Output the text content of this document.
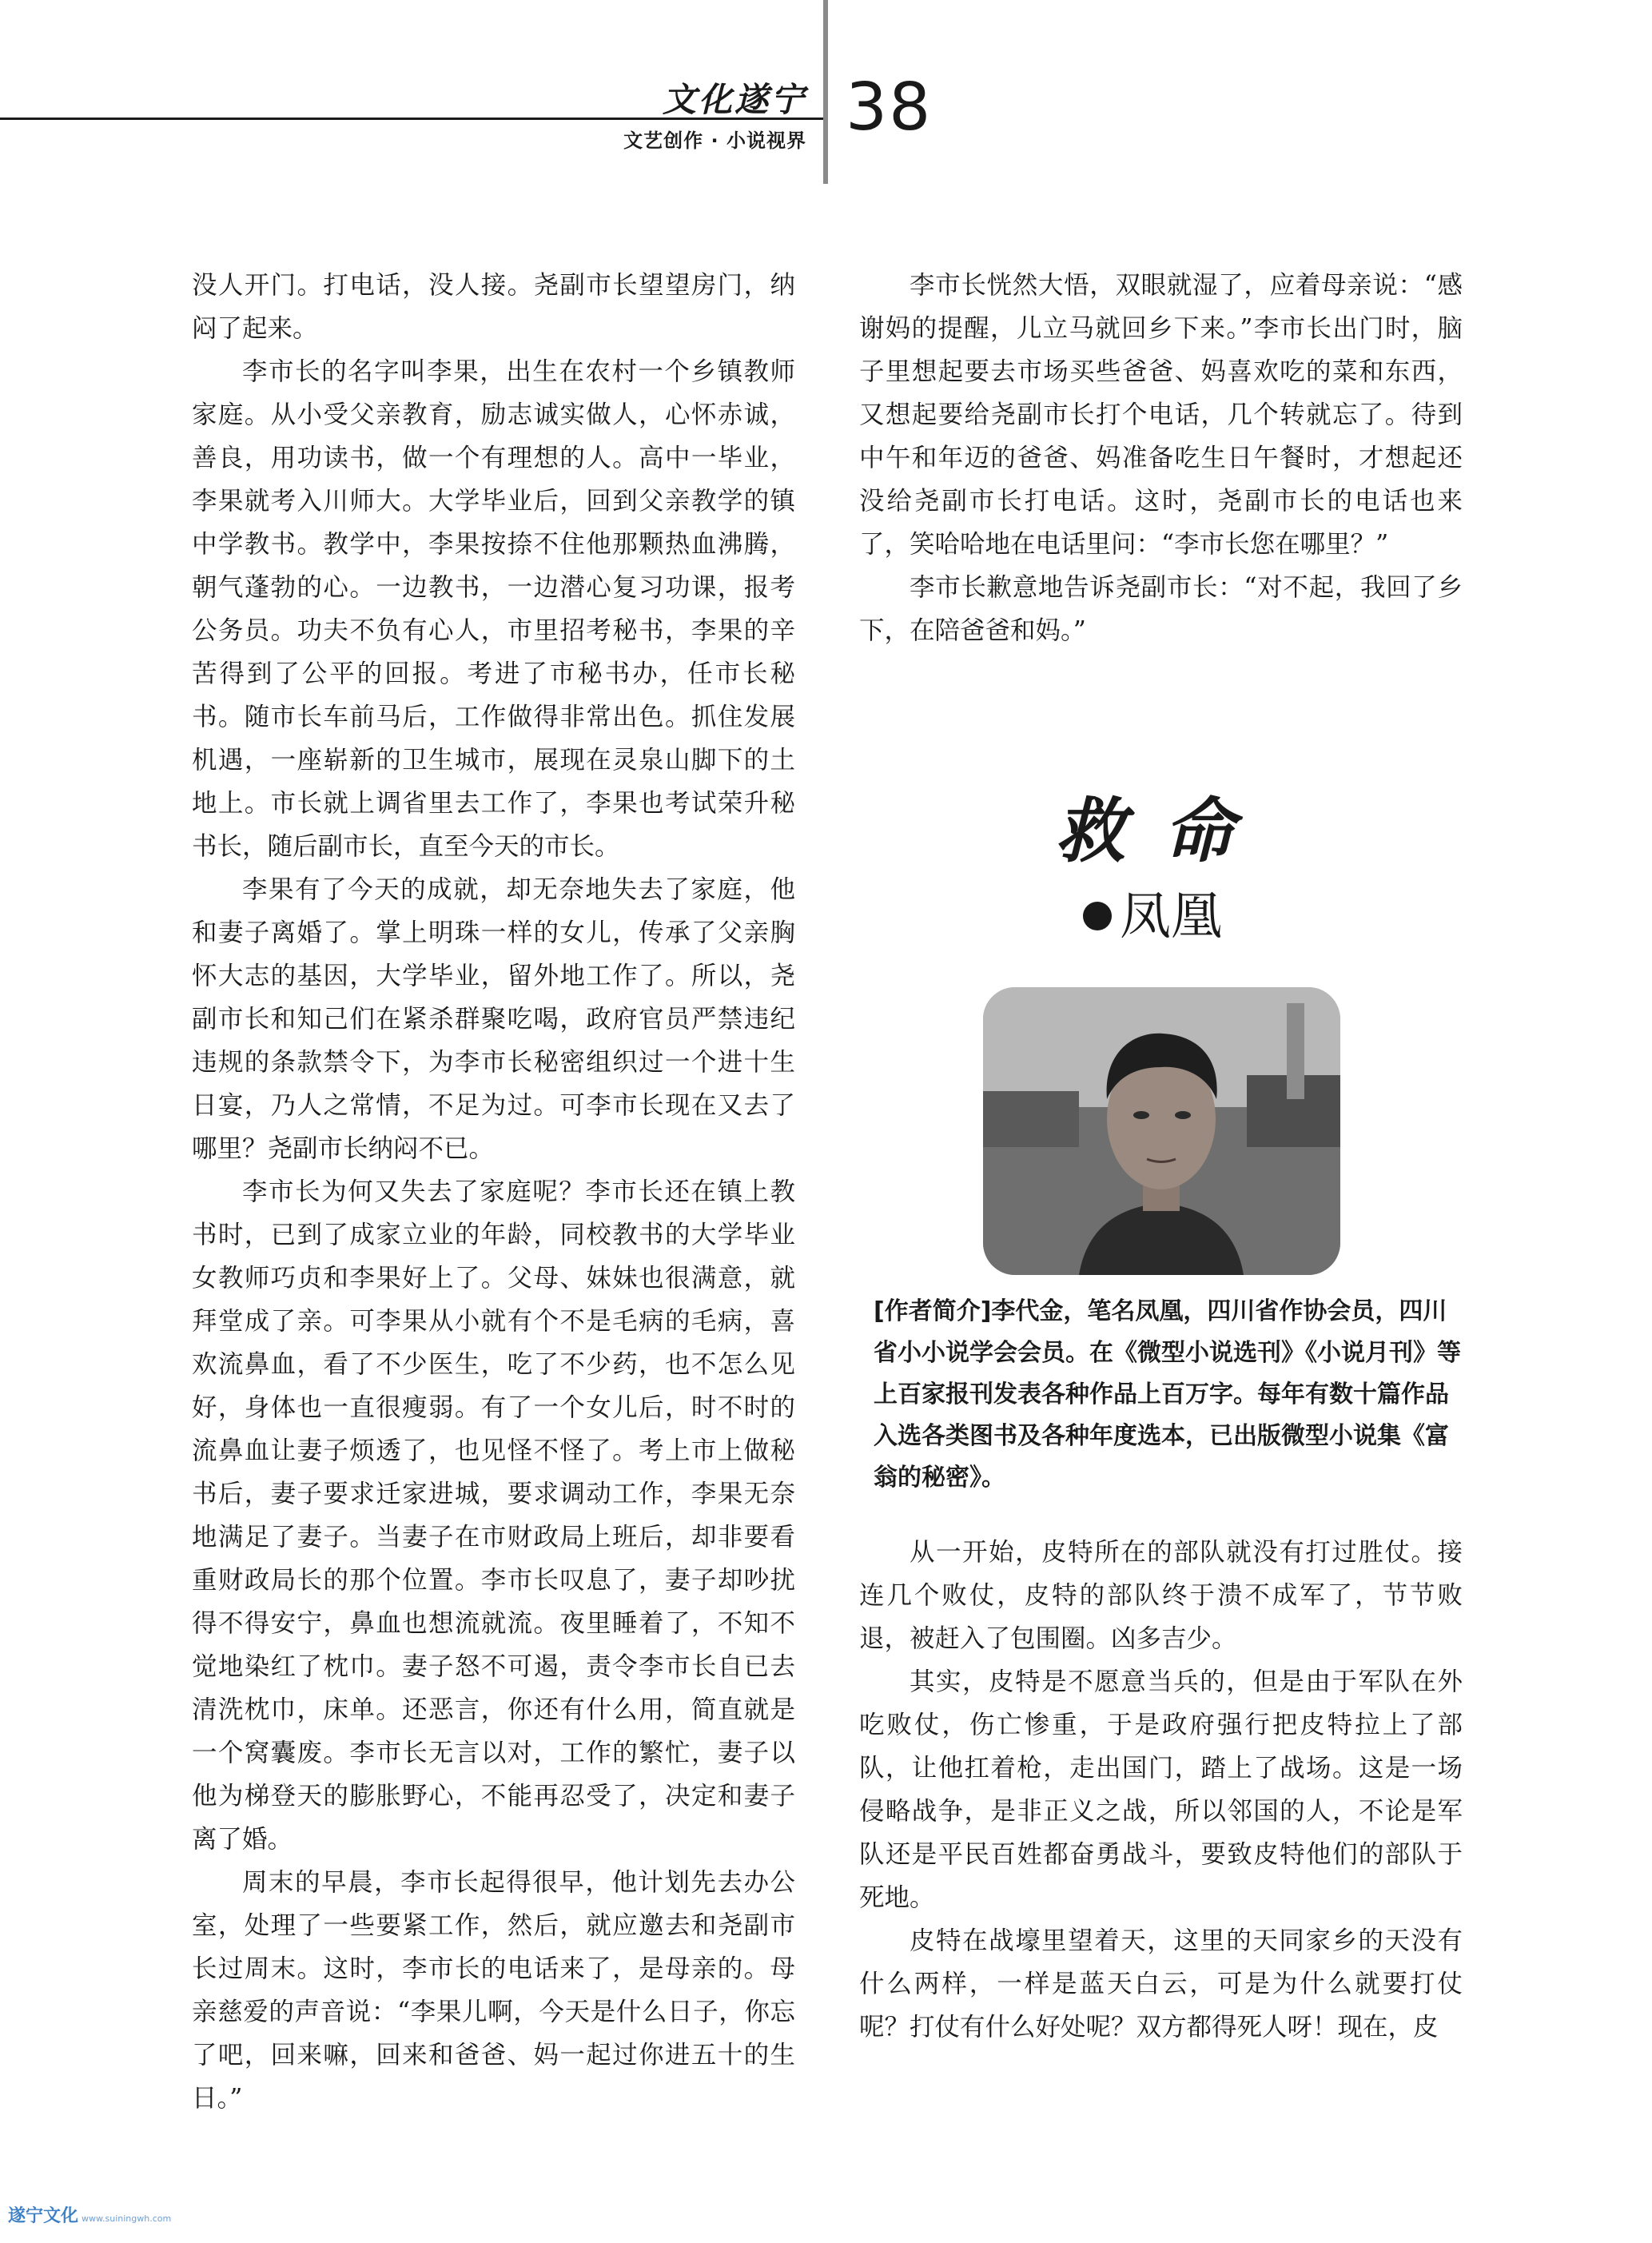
文化遂宁
文艺创作 · 小说视界 38

没人开门。打电话，没人接。尧副市长望望房门，纳闷了起来。

李市长的名字叫李果，出生在农村一个乡镇教师家庭。从小受父亲教育，励志诚实做人，心怀赤诚，善良，用功读书，做一个有理想的人。高中一毕业，李果就考入川师大。大学毕业后，回到父亲教学的镇中学教书。教学中，李果按捺不住他那颗热血沸腾，朝气蓬勃的心。一边教书，一边潜心复习功课，报考公务员。功夫不负有心人，市里招考秘书，李果的辛苦得到了公平的回报。考进了市秘书办，任市长秘书。随市长车前马后，工作做得非常出色。抓住发展机遇，一座崭新的卫生城市，展现在灵泉山脚下的土地上。市长就上调省里去工作了，李果也考试荣升秘书长，随后副市长，直至今天的市长。

李果有了今天的成就，却无奈地失去了家庭，他和妻子离婚了。掌上明珠一样的女儿，传承了父亲胸怀大志的基因，大学毕业，留外地工作了。所以，尧副市长和知己们在紧杀群聚吃喝，政府官员严禁违纪违规的条款禁令下，为李市长秘密组织过一个进十生日宴，乃人之常情，不足为过。可李市长现在又去了哪里？尧副市长纳闷不已。

李市长为何又失去了家庭呢？李市长还在镇上教书时，已到了成家立业的年龄，同校教书的大学毕业女教师巧贞和李果好上了。父母、妹妹也很满意，就拜堂成了亲。可李果从小就有个不是毛病的毛病，喜欢流鼻血，看了不少医生，吃了不少药，也不怎么见好，身体也一直很瘦弱。有了一个女儿后，时不时的流鼻血让妻子烦透了，也见怪不怪了。考上市上做秘书后，妻子要求迁家进城，要求调动工作，李果无奈地满足了妻子。当妻子在市财政局上班后，却非要看重财政局长的那个位置。李市长叹息了，妻子却吵扰得不得安宁，鼻血也想流就流。夜里睡着了，不知不觉地染红了枕巾。妻子怒不可遏，责令李市长自已去清洗枕巾，床单。还恶言，你还有什么用，简直就是一个窝囊废。李市长无言以对，工作的繁忙，妻子以他为梯登天的膨胀野心，不能再忍受了，决定和妻子离了婚。

周末的早晨，李市长起得很早，他计划先去办公室，处理了一些要紧工作，然后，就应邀去和尧副市长过周末。这时，李市长的电话来了，是母亲的。母亲慈爱的声音说：“李果儿啊，今天是什么日子，你忘了吧，回来嘛，回来和爸爸、妈一起过你进五十的生日。”

李市长恍然大悟，双眼就湿了，应着母亲说：“感谢妈的提醒，儿立马就回乡下来。”李市长出门时，脑子里想起要去市场买些爸爸、妈喜欢吃的菜和东西，又想起要给尧副市长打个电话，几个转就忘了。待到中午和年迈的爸爸、妈准备吃生日午餐时，才想起还没给尧副市长打电话。这时，尧副市长的电话也来了，笑哈哈地在电话里问：“李市长您在哪里？”

李市长歉意地告诉尧副市长：“对不起，我回了乡下，在陪爸爸和妈。”

救命
凤凰
[作者简介]李代金，笔名凤凰，四川省作协会员，四川省小小说学会会员。在《微型小说选刊》《小说月刊》等上百家报刊发表各种作品上百万字。每年有数十篇作品入选各类图书及各种年度选本，已出版微型小说集《富翁的秘密》。

从一开始，皮特所在的部队就没有打过胜仗。接连几个败仗，皮特的部队终于溃不成军了，节节败退，被赶入了包围圈。凶多吉少。

其实，皮特是不愿意当兵的，但是由于军队在外吃败仗，伤亡惨重，于是政府强行把皮特拉上了部队，让他扛着枪，走出国门，踏上了战场。这是一场侵略战争，是非正义之战，所以邻国的人，不论是军队还是平民百姓都奋勇战斗，要致皮特他们的部队于死地。

皮特在战壕里望着天，这里的天同家乡的天没有什么两样，一样是蓝天白云，可是为什么就要打仗呢？打仗有什么好处呢？双方都得死人呀！现在，皮

遂宁文化 www.suiningwh.com
